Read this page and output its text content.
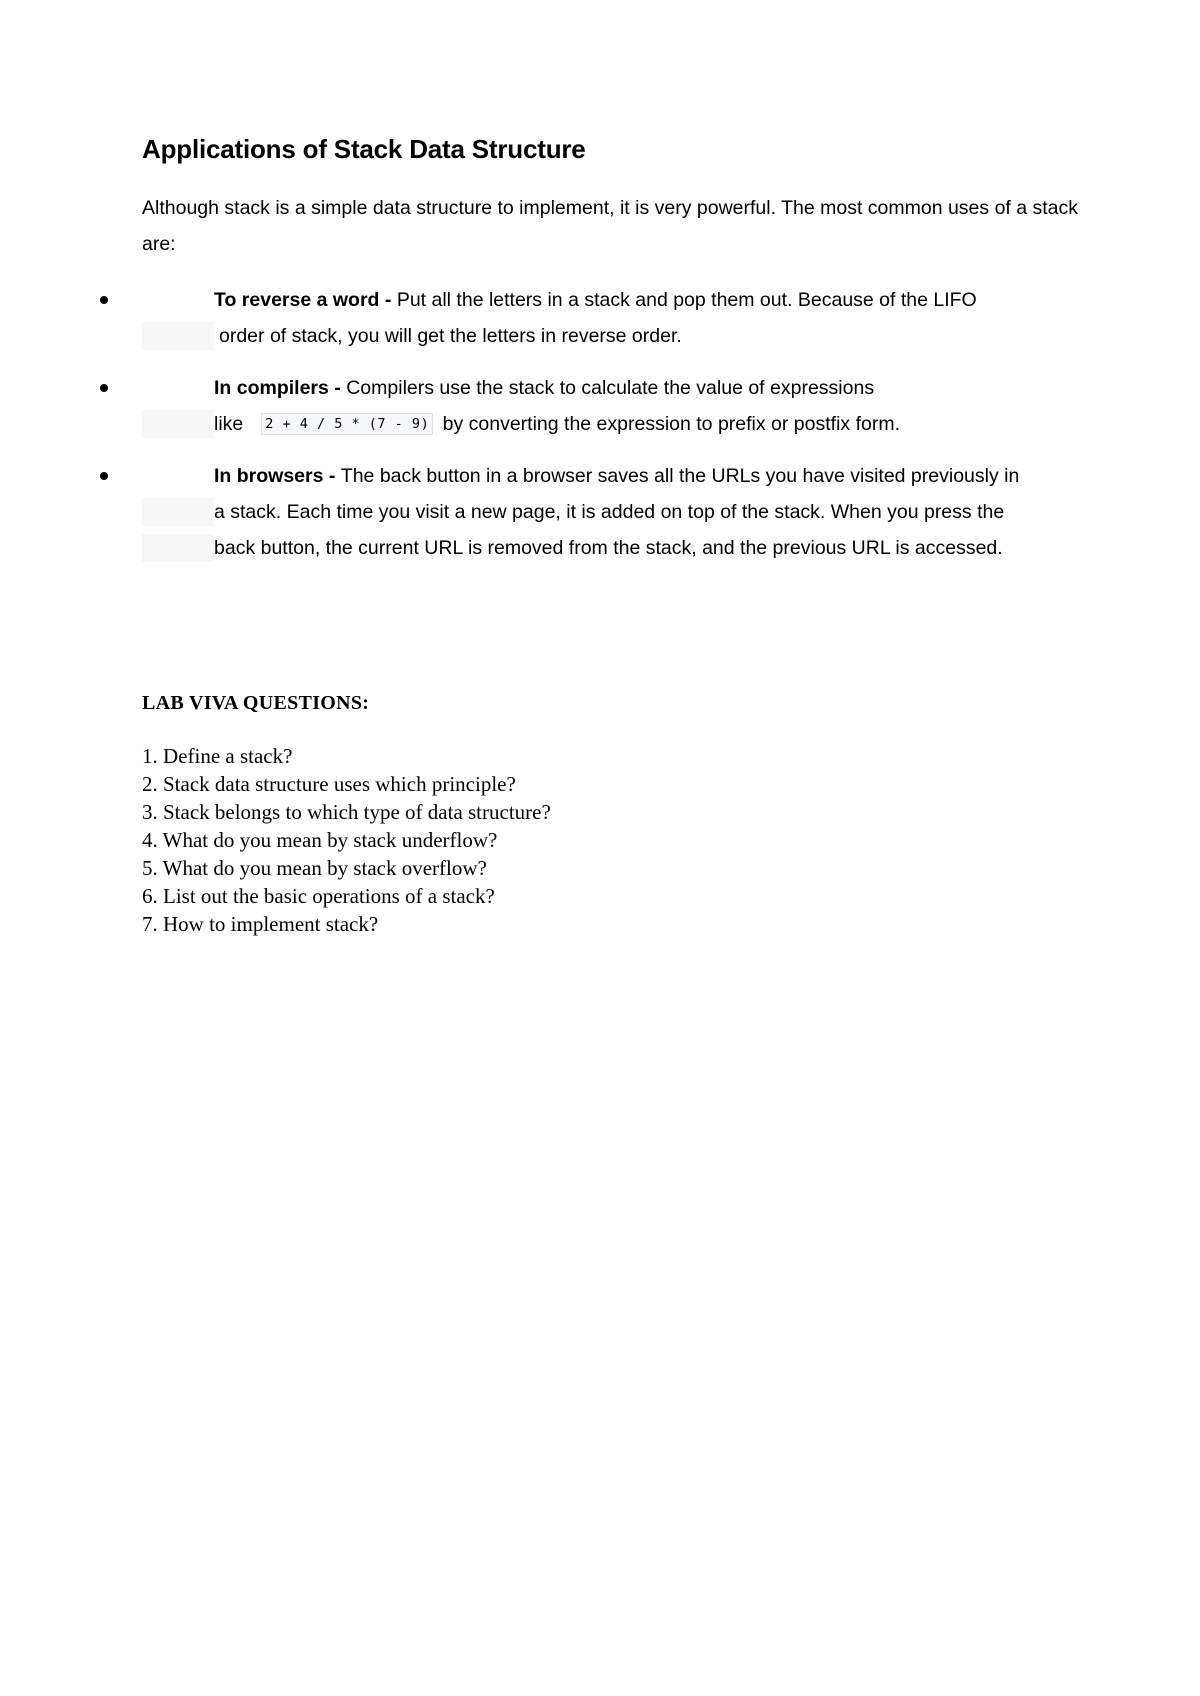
Applications of Stack Data Structure

Although stack is a simple data structure to implement, it is very powerful. The most common uses of a stack are:

To reverse a word - Put all the letters in a stack and pop them out. Because of the LIFO
order of stack, you will get the letters in reverse order.
In compilers - Compilers use the stack to calculate the value of expressions
like 2 + 4 / 5 * (7 - 9) by converting the expression to prefix or postfix form.
In browsers - The back button in a browser saves all the URLs you have visited previously in
a stack. Each time you visit a new page, it is added on top of the stack. When you press the
back button, the current URL is removed from the stack, and the previous URL is accessed.
LAB VIVA QUESTIONS:
1. Define a stack?
2. Stack data structure uses which principle?
3. Stack belongs to which type of data structure?
4. What do you mean by stack underflow?
5. What do you mean by stack overflow?
6. List out the basic operations of a stack?
7. How to implement stack?
